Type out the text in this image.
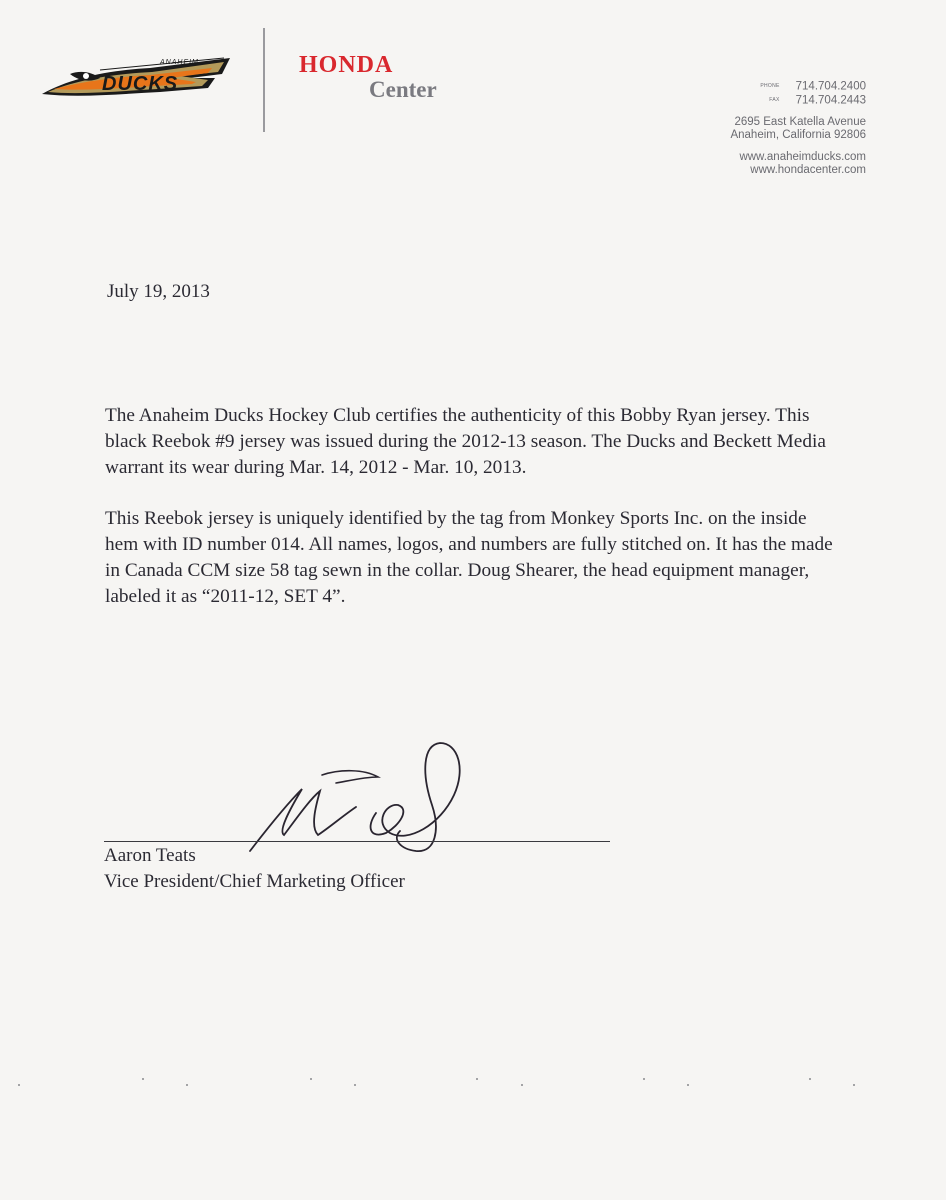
DUCKS
ANAHEIM	HONDA
Center	PHONE 714.704.2400
FAX 714.704.2443
2695 East Katella Avenue
Anaheim, California 92806
www.anaheimducks.com
www.hondacenter.com
July 19, 2013

The Anaheim Ducks Hockey Club certifies the authenticity of this Bobby Ryan jersey. This black Reebok #9 jersey was issued during the 2012-13 season. The Ducks and Beckett Media warrant its wear during Mar. 14, 2012 - Mar. 10, 2013.

This Reebok jersey is uniquely identified by the tag from Monkey Sports Inc. on the inside hem with ID number 014. All names, logos, and numbers are fully stitched on. It has the made in Canada CCM size 58 tag sewn in the collar. Doug Shearer, the head equipment manager, labeled it as “2011-12, SET 4”.

Aaron Teats
Vice President/Chief Marketing Officer
